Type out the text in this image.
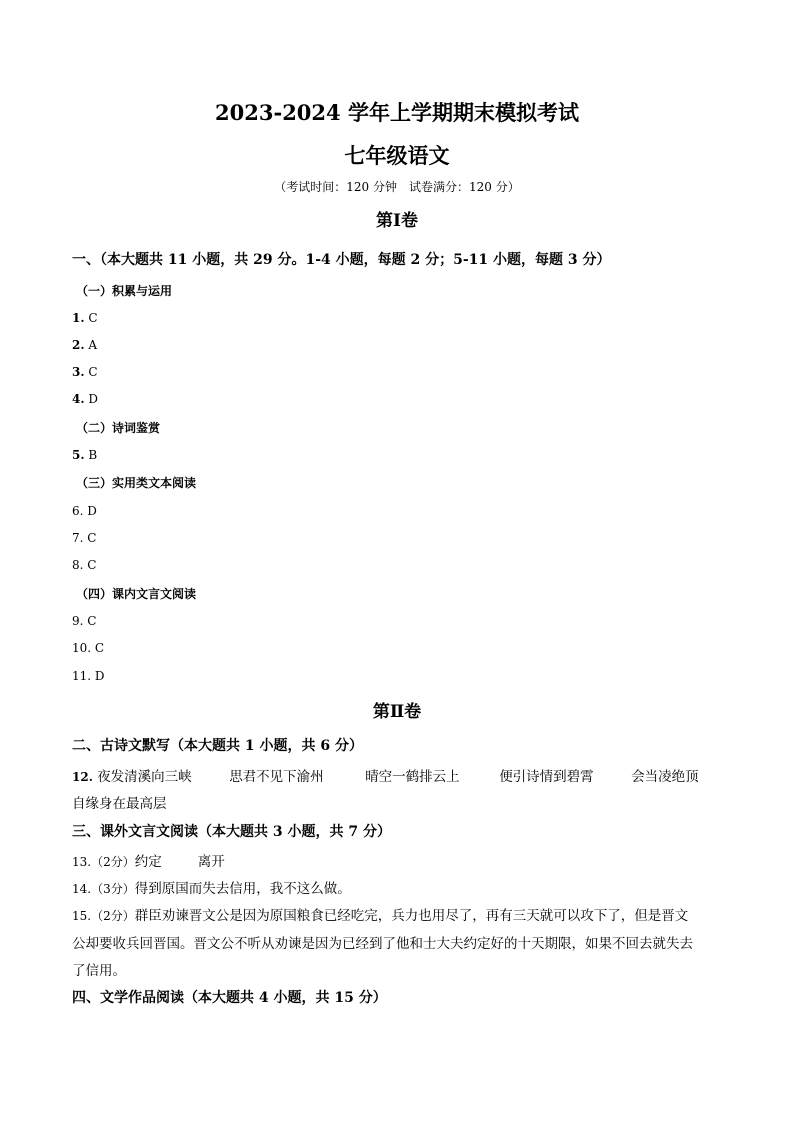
2023-2024 学年上学期期末模拟考试
七年级语文
（考试时间：120 分钟　试卷满分：120 分）
第Ⅰ卷
一、（本大题共 11 小题，共 29 分。1-4 小题，每题 2 分；5-11 小题，每题 3 分）
（一）积累与运用
1. C
2. A
3. C
4. D
（二）诗词鉴赏
5. B
（三）实用类文本阅读
6. D
7. C
8. C
（四）课内文言文阅读
9. C
10. C
11. D
第Ⅱ卷
二、古诗文默写（本大题共 1 小题，共 6 分）
12. 夜发清溪向三峡	思君不见下渝州	晴空一鹤排云上	便引诗情到碧霄	会当凌绝顶
自缘身在最高层
三、课外文言文阅读（本大题共 3 小题，共 7 分）
13.（2分）约定	离开
14.（3分）得到原国而失去信用，我不这么做。
15.（2分）群臣劝谏晋文公是因为原国粮食已经吃完，兵力也用尽了，再有三天就可以攻下了，但是晋文
公却要收兵回晋国。晋文公不听从劝谏是因为已经到了他和士大夫约定好的十天期限，如果不回去就失去
了信用。
四、文学作品阅读（本大题共 4 小题，共 15 分）
